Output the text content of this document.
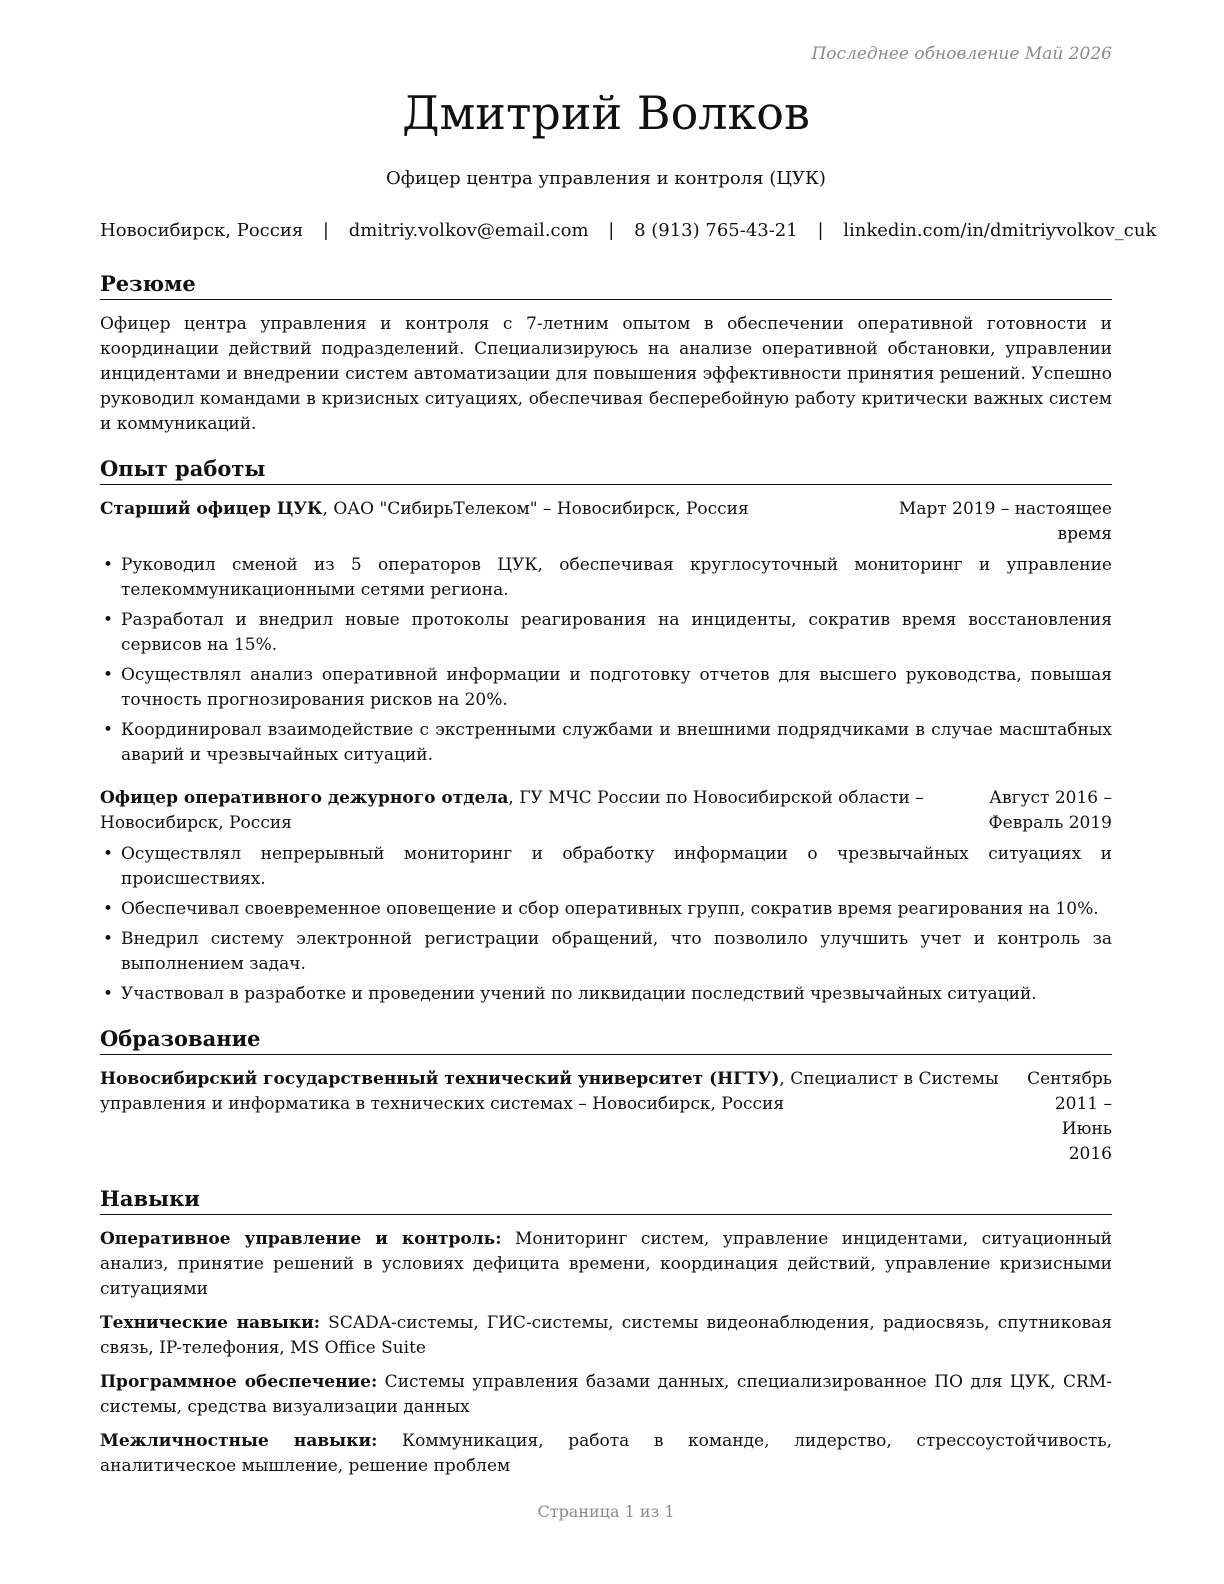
Последнее обновление Май 2026
Дмитрий Волков
Офицер центра управления и контроля (ЦУК)
Новосибирск, Россия | dmitriy.volkov@email.com | 8 (913) 765-43-21 | linkedin.com/in/dmitriyvolkov_cuk
Резюме

Офицер центра управления и контроля с 7-летним опытом в обеспечении оперативной готовности и координации действий подразделений. Специализируюсь на анализе оперативной обстановки, управлении инцидентами и внедрении систем автоматизации для повышения эффективности принятия решений. Успешно руководил командами в кризисных ситуациях, обеспечивая бесперебойную работу критически важных систем и коммуникаций.

Опыт работы
Старший офицер ЦУК, ОАО "СибирьТелеком" – Новосибирск, Россия	Март 2019 – настоящее время
• Руководил сменой из 5 операторов ЦУК, обеспечивая круглосуточный мониторинг и управление телекоммуникационными сетями региона.
• Разработал и внедрил новые протоколы реагирования на инциденты, сократив время восстановления сервисов на 15%.
• Осуществлял анализ оперативной информации и подготовку отчетов для высшего руководства, повышая точность прогнозирования рисков на 20%.
• Координировал взаимодействие с экстренными службами и внешними подрядчиками в случае масштабных аварий и чрезвычайных ситуаций.
Офицер оперативного дежурного отдела, ГУ МЧС России по Новосибирской области – Новосибирск, Россия
Август 2016 – Февраль 2019
• Осуществлял непрерывный мониторинг и обработку информации о чрезвычайных ситуациях и происшествиях.
• Обеспечивал своевременное оповещение и сбор оперативных групп, сократив время реагирования на 10%.
• Внедрил систему электронной регистрации обращений, что позволило улучшить учет и контроль за выполнением задач.
• Участвовал в разработке и проведении учений по ликвидации последствий чрезвычайных ситуаций.
Образование
Новосибирский государственный технический университет (НГТУ), Специалист в Системы управления и информатика в технических системах – Новосибирск, Россия
Сентябрь 2011 – Июнь 2016
Навыки

Оперативное управление и контроль: Мониторинг систем, управление инцидентами, ситуационный анализ, принятие решений в условиях дефицита времени, координация действий, управление кризисными ситуациями

Технические навыки: SCADA-системы, ГИС-системы, системы видеонаблюдения, радиосвязь, спутниковая связь, IP-телефония, MS Office Suite

Программное обеспечение: Системы управления базами данных, специализированное ПО для ЦУК, CRM-системы, средства визуализации данных

Межличностные навыки: Коммуникация, работа в команде, лидерство, стрессоустойчивость, аналитическое мышление, решение проблем

Страница 1 из 1
